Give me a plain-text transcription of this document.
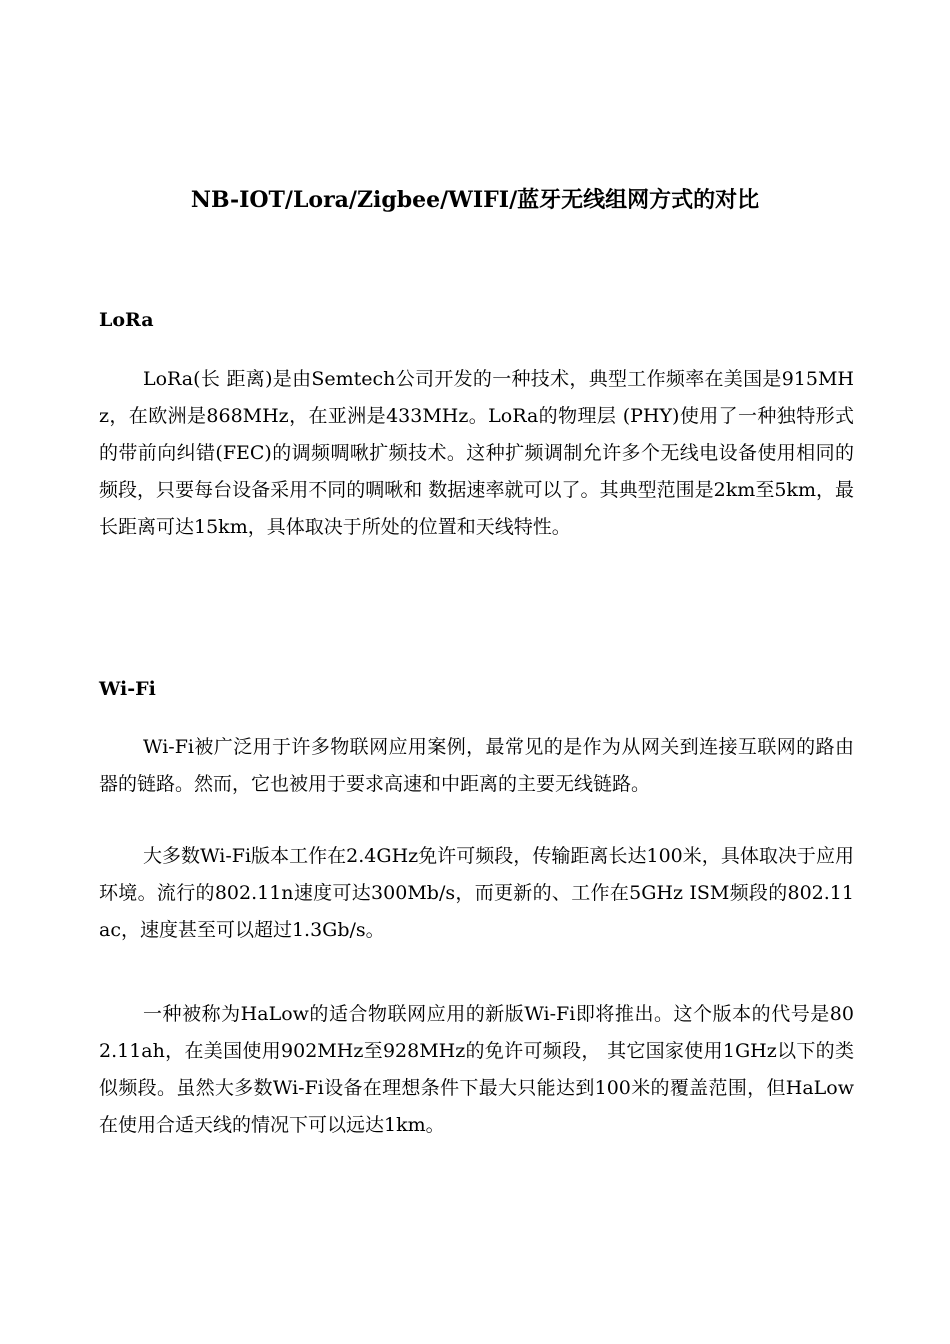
NB-IOT/Lora/Zigbee/WIFI/蓝牙无线组网方式的对比
LoRa

LoRa(长 距离)是由Semtech公司开发的一种技术，典型工作频率在美国是915MHz，在欧洲是868MHz，在亚洲是433MHz。LoRa的物理层 (PHY)使用了一种独特形式的带前向纠错(FEC)的调频啁啾扩频技术。这种扩频调制允许多个无线电设备使用相同的频段，只要每台设备采用不同的啁啾和 数据速率就可以了。其典型范围是2km至5km，最长距离可达15km，具体取决于所处的位置和天线特性。

Wi-Fi

Wi-Fi被广泛用于许多物联网应用案例，最常见的是作为从网关到连接互联网的路由器的链路。然而，它也被用于要求高速和中距离的主要无线链路。

大多数Wi-Fi版本工作在2.4GHz免许可频段，传输距离长达100米，具体取决于应用环境。流行的802.11n速度可达300Mb/s，而更新的、工作在5GHz ISM频段的802.11ac，速度甚至可以超过1.3Gb/s。

一种被称为HaLow的适合物联网应用的新版Wi-Fi即将推出。这个版本的代号是802.11ah，在美国使用902MHz至928MHz的免许可频段， 其它国家使用1GHz以下的类似频段。虽然大多数Wi-Fi设备在理想条件下最大只能达到100米的覆盖范围，但HaLow在使用合适天线的情况下可以远达1km。
